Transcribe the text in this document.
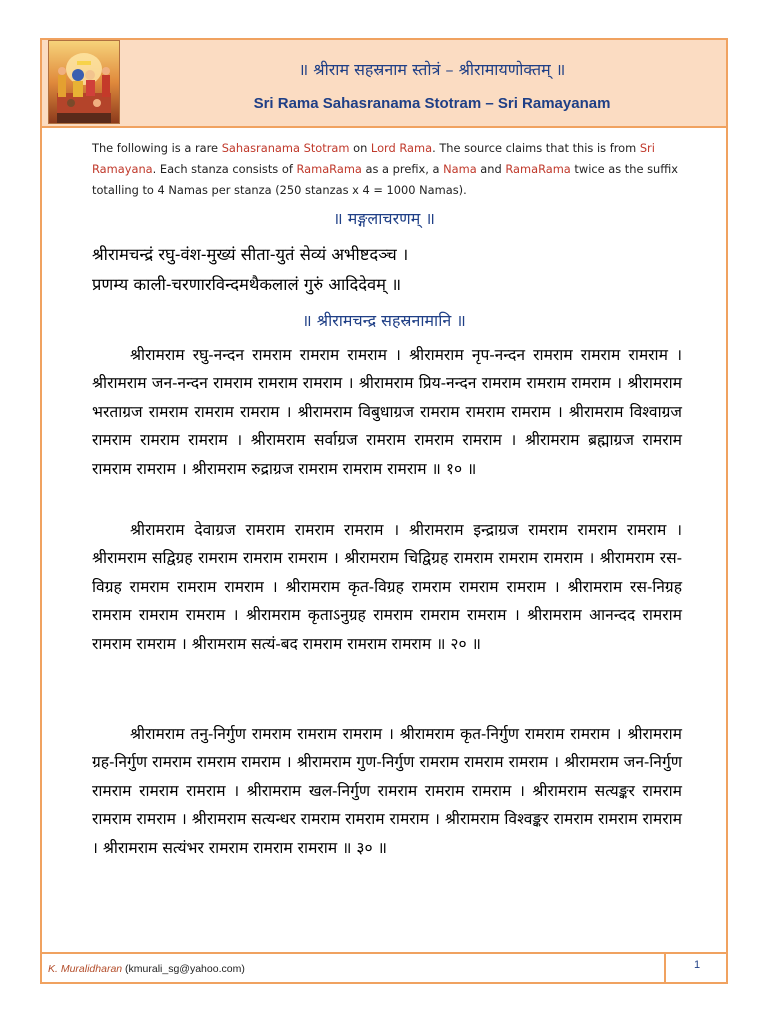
॥ श्रीराम सहस्रनाम स्तोत्रं – श्रीरामायणोक्तम् ॥
Sri Rama Sahasranama Stotram – Sri Ramayanam
The following is a rare Sahasranama Stotram on Lord Rama. The source claims that this is from Sri Ramayana. Each stanza consists of RamaRama as a prefix, a Nama and RamaRama twice as the suffix totalling to 4 Namas per stanza (250 stanzas x 4 = 1000 Namas).
॥ मङ्गलाचरणम् ॥
श्रीरामचन्द्रं रघु-वंश-मुख्यं सीता-युतं सेव्यं अभीष्टदञ्च ।
प्रणम्य काली-चरणारविन्दमथैकलालं गुरुं आदिदेवम् ॥
॥ श्रीरामचन्द्र सहस्रनामानि ॥
श्रीरामराम रघु-नन्दन रामराम रामराम रामराम । श्रीरामराम नृप-नन्दन रामराम रामराम रामराम । श्रीरामराम जन-नन्दन रामराम रामराम रामराम । श्रीरामराम प्रिय-नन्दन रामराम रामराम रामराम । श्रीरामराम भरताग्रज रामराम रामराम रामराम । श्रीरामराम विबुधाग्रज रामराम रामराम रामराम । श्रीरामराम विश्वाग्रज रामराम रामराम रामराम । श्रीरामराम सर्वाग्रज रामराम रामराम रामराम । श्रीरामराम ब्रह्माग्रज रामराम रामराम रामराम । श्रीरामराम रुद्राग्रज रामराम रामराम रामराम ॥ १० ॥
श्रीरामराम देवाग्रज रामराम रामराम रामराम । श्रीरामराम इन्द्राग्रज रामराम रामराम रामराम । श्रीरामराम सद्विग्रह रामराम रामराम रामराम । श्रीरामराम चिद्विग्रह रामराम रामराम रामराम । श्रीरामराम रस-विग्रह रामराम रामराम रामराम । श्रीरामराम कृत-विग्रह रामराम रामराम रामराम । श्रीरामराम रस-निग्रह रामराम रामराम रामराम । श्रीरामराम कृताऽनुग्रह रामराम रामराम रामराम । श्रीरामराम आनन्दद रामराम रामराम रामराम । श्रीरामराम सत्यं-बद रामराम रामराम रामराम ॥ २० ॥
श्रीरामराम तनु-निर्गुण रामराम रामराम रामराम । श्रीरामराम कृत-निर्गुण रामराम रामराम । श्रीरामराम ग्रह-निर्गुण रामराम रामराम रामराम । श्रीरामराम गुण-निर्गुण रामराम रामराम रामराम । श्रीरामराम जन-निर्गुण रामराम रामराम रामराम । श्रीरामराम खल-निर्गुण रामराम रामराम रामराम । श्रीरामराम सत्यङ्कर रामराम रामराम रामराम । श्रीरामराम सत्यन्धर रामराम रामराम रामराम । श्रीरामराम विश्वङ्कर रामराम रामराम रामराम । श्रीरामराम सत्यंभर रामराम रामराम रामराम ॥ ३० ॥
K. Muralidharan (kmurali_sg@yahoo.com)	1
